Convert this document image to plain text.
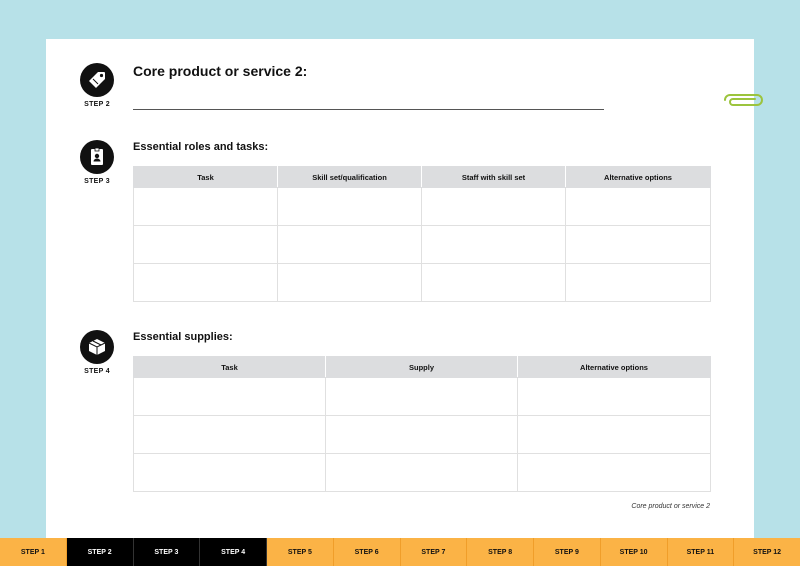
STEP 2
Core product or service 2:
STEP 3
Essential roles and tasks:
Task	Skill set/qualification	Staff with skill set	Alternative options

STEP 4
Essential supplies:
Task	Supply	Alternative options

Core product or service 2
STEP 1	STEP 2	STEP 3	STEP 4	STEP 5	STEP 6	STEP 7	STEP 8	STEP 9	STEP 10	STEP 11	STEP 12
